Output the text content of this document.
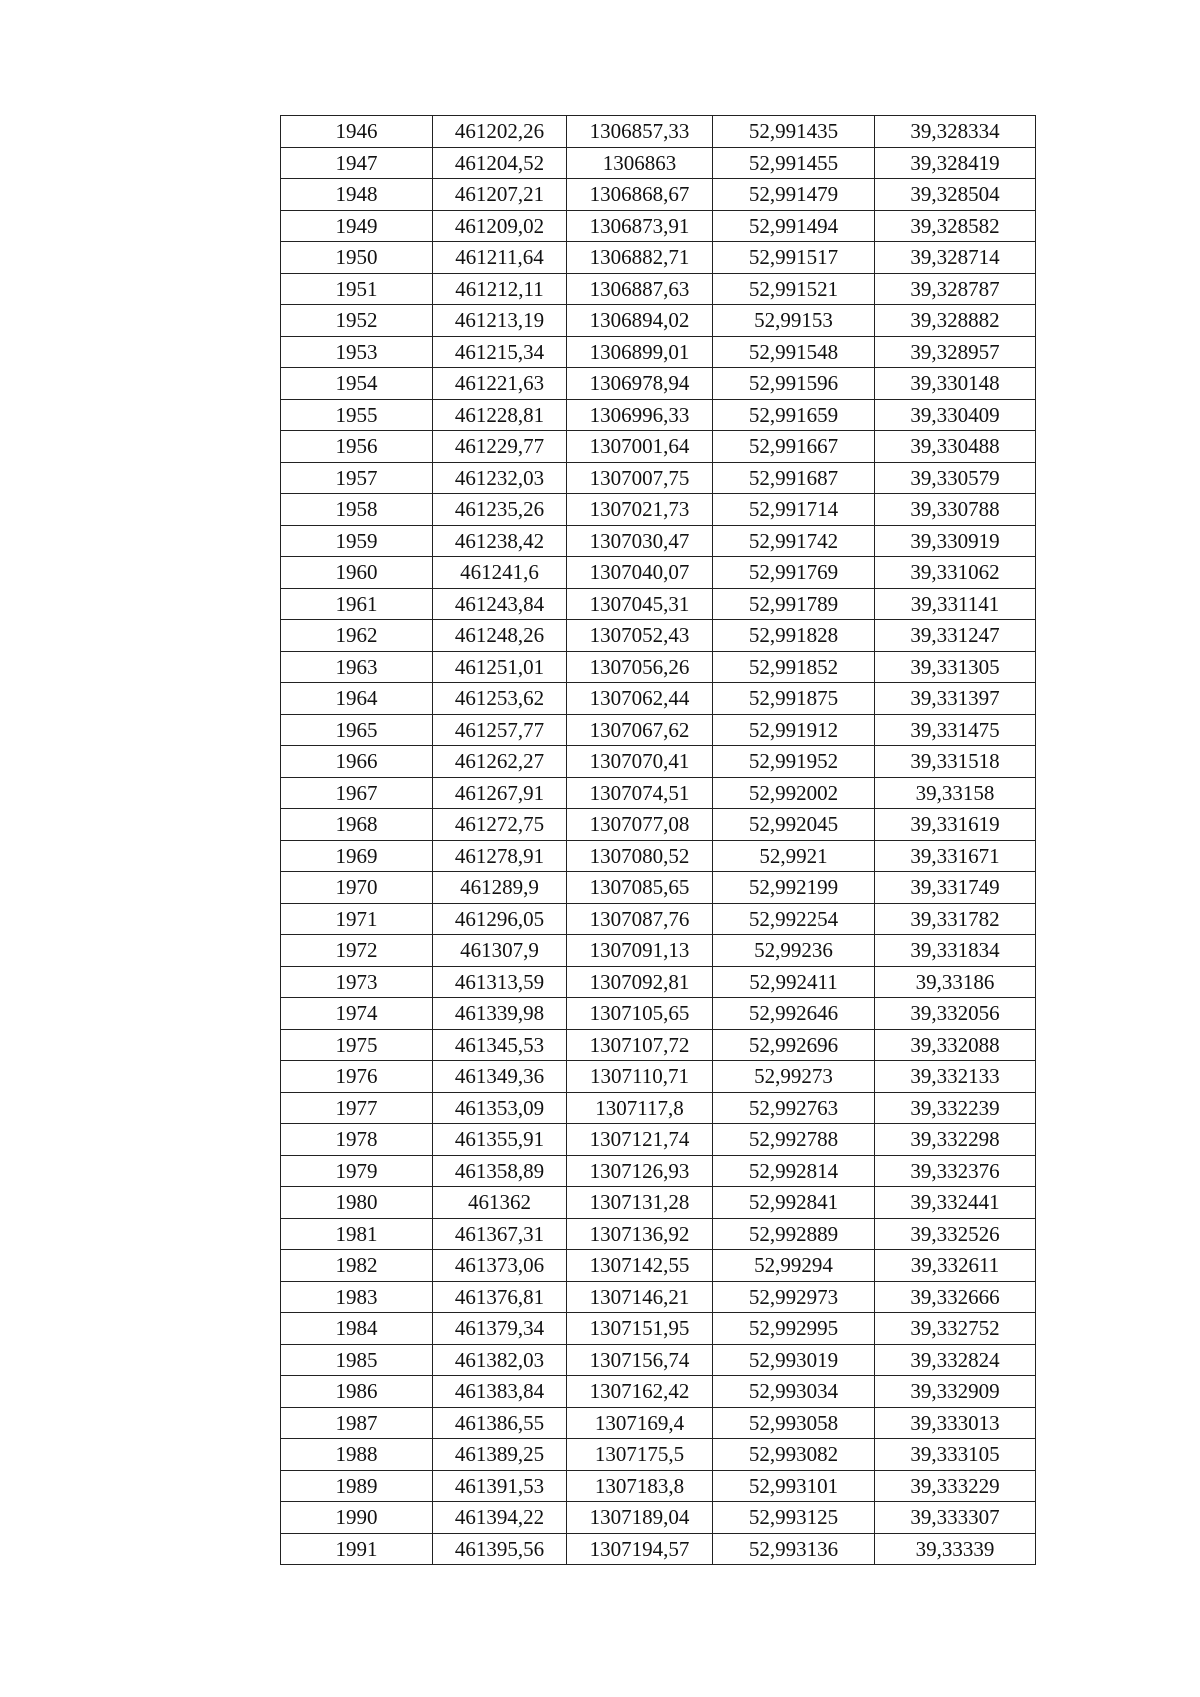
1946	461202,26	1306857,33	52,991435	39,328334
1947	461204,52	1306863	52,991455	39,328419
1948	461207,21	1306868,67	52,991479	39,328504
1949	461209,02	1306873,91	52,991494	39,328582
1950	461211,64	1306882,71	52,991517	39,328714
1951	461212,11	1306887,63	52,991521	39,328787
1952	461213,19	1306894,02	52,99153	39,328882
1953	461215,34	1306899,01	52,991548	39,328957
1954	461221,63	1306978,94	52,991596	39,330148
1955	461228,81	1306996,33	52,991659	39,330409
1956	461229,77	1307001,64	52,991667	39,330488
1957	461232,03	1307007,75	52,991687	39,330579
1958	461235,26	1307021,73	52,991714	39,330788
1959	461238,42	1307030,47	52,991742	39,330919
1960	461241,6	1307040,07	52,991769	39,331062
1961	461243,84	1307045,31	52,991789	39,331141
1962	461248,26	1307052,43	52,991828	39,331247
1963	461251,01	1307056,26	52,991852	39,331305
1964	461253,62	1307062,44	52,991875	39,331397
1965	461257,77	1307067,62	52,991912	39,331475
1966	461262,27	1307070,41	52,991952	39,331518
1967	461267,91	1307074,51	52,992002	39,33158
1968	461272,75	1307077,08	52,992045	39,331619
1969	461278,91	1307080,52	52,9921	39,331671
1970	461289,9	1307085,65	52,992199	39,331749
1971	461296,05	1307087,76	52,992254	39,331782
1972	461307,9	1307091,13	52,99236	39,331834
1973	461313,59	1307092,81	52,992411	39,33186
1974	461339,98	1307105,65	52,992646	39,332056
1975	461345,53	1307107,72	52,992696	39,332088
1976	461349,36	1307110,71	52,99273	39,332133
1977	461353,09	1307117,8	52,992763	39,332239
1978	461355,91	1307121,74	52,992788	39,332298
1979	461358,89	1307126,93	52,992814	39,332376
1980	461362	1307131,28	52,992841	39,332441
1981	461367,31	1307136,92	52,992889	39,332526
1982	461373,06	1307142,55	52,99294	39,332611
1983	461376,81	1307146,21	52,992973	39,332666
1984	461379,34	1307151,95	52,992995	39,332752
1985	461382,03	1307156,74	52,993019	39,332824
1986	461383,84	1307162,42	52,993034	39,332909
1987	461386,55	1307169,4	52,993058	39,333013
1988	461389,25	1307175,5	52,993082	39,333105
1989	461391,53	1307183,8	52,993101	39,333229
1990	461394,22	1307189,04	52,993125	39,333307
1991	461395,56	1307194,57	52,993136	39,33339
